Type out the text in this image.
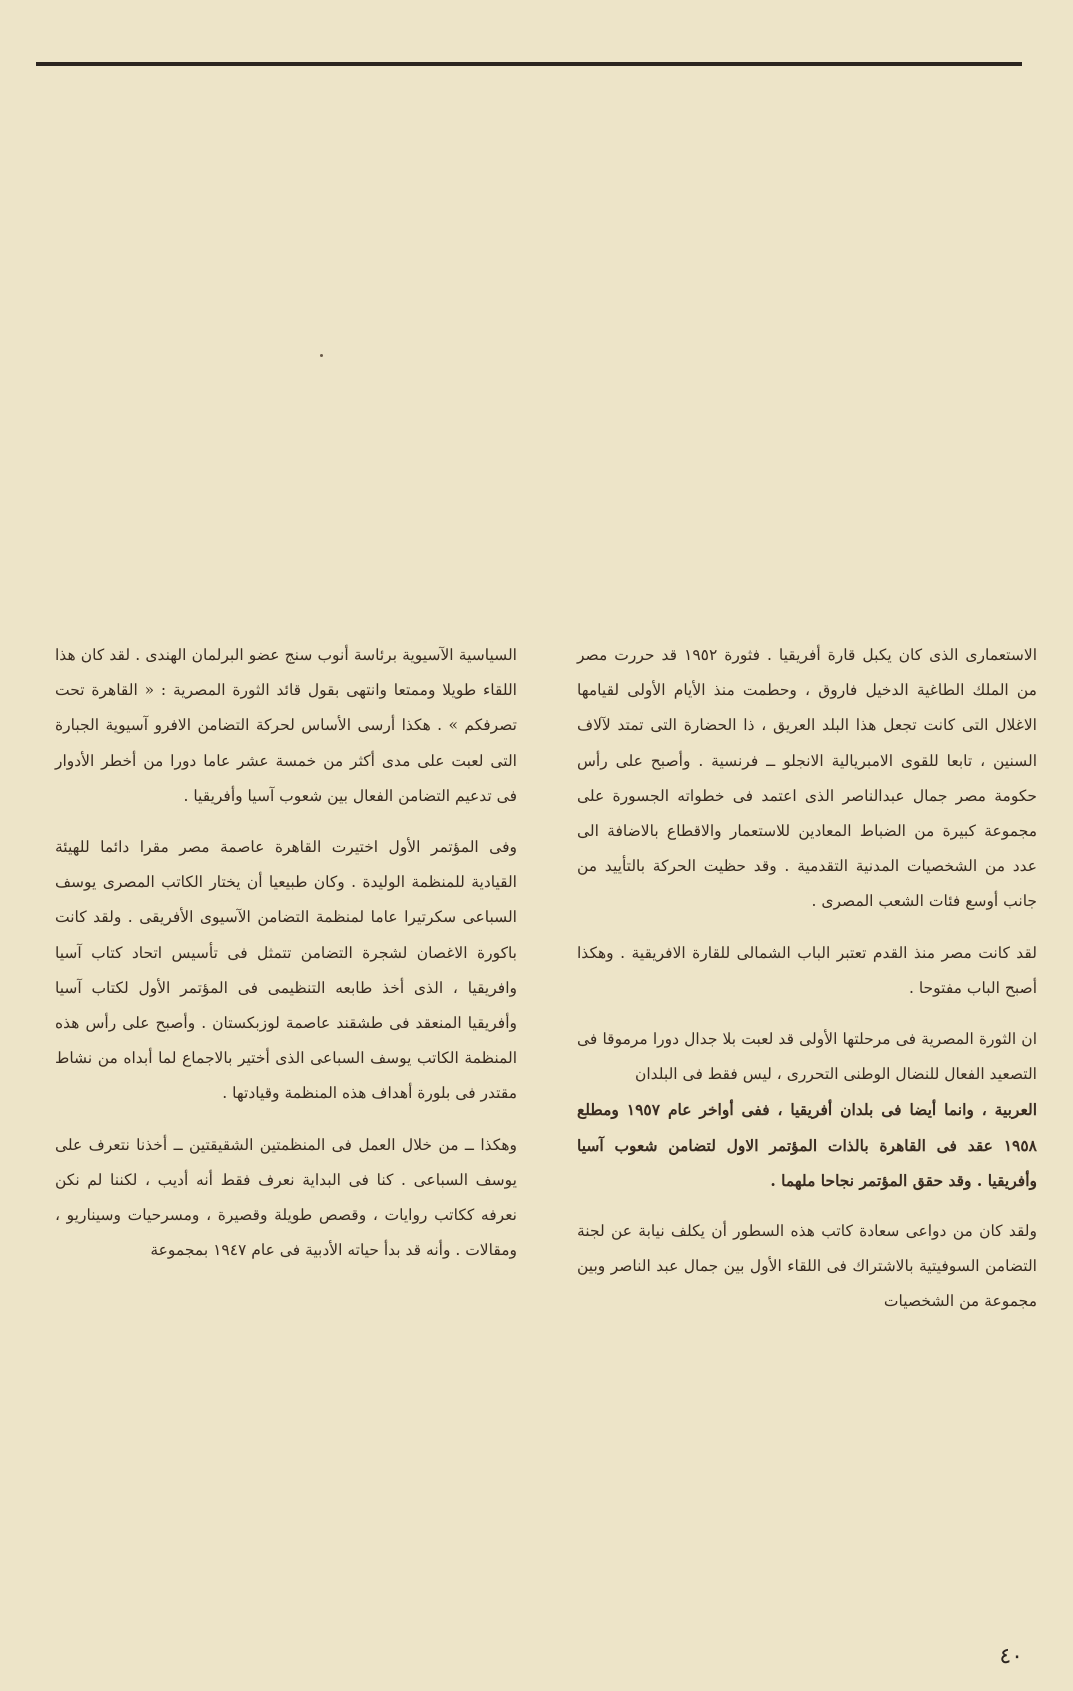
الاستعمارى الذى كان يكبل قارة أفريقيا . فثورة ١٩٥٢ قد حررت مصر من الملك الطاغية الدخيل فاروق ، وحطمت منذ الأيام الأولى لقيامها الاغلال التى كانت تجعل هذا البلد العريق ، ذا الحضارة التى تمتد لآلاف السنين ، تابعا للقوى الامبريالية الانجلو ــ فرنسية . وأصبح على رأس حكومة مصر جمال عبدالناصر الذى اعتمد فى خطواته الجسورة على مجموعة كبيرة من الضباط المعادين للاستعمار والاقطاع بالاضافة الى عدد من الشخصيات المدنية التقدمية . وقد حظيت الحركة بالتأييد من جانب أوسع فئات الشعب المصرى .

لقد كانت مصر منذ القدم تعتبر الباب الشمالى للقارة الافريقية . وهكذا أصبح الباب مفتوحا .

ان الثورة المصرية فى مرحلتها الأولى قد لعبت بلا جدال دورا مرموقا فى التصعيد الفعال للنضال الوطنى التحررى ، ليس فقط فى البلدان

العربية ، وانما أيضا فى بلدان أفريقيا ، ففى أواخر عام ١٩٥٧ ومطلع ١٩٥٨ عقد فى القاهرة بالذات المؤتمر الاول لتضامن شعوب آسيا وأفريقيا . وقد حقق المؤتمر نجاحا ملهما .

ولقد كان من دواعى سعادة كاتب هذه السطور أن يكلف نيابة عن لجنة التضامن السوفيتية بالاشتراك فى اللقاء الأول بين جمال عبد الناصر وبين مجموعة من الشخصيات

السياسية الآسيوية برئاسة أنوب سنج عضو البرلمان الهندى . لقد كان هذا اللقاء طويلا وممتعا وانتهى بقول قائد الثورة المصرية : « القاهرة تحت تصرفكم » . هكذا أرسى الأساس لحركة التضامن الافرو آسيوية الجبارة التى لعبت على مدى أكثر من خمسة عشر عاما دورا من أخطر الأدوار فى تدعيم التضامن الفعال بين شعوب آسيا وأفريقيا .

وفى المؤتمر الأول اختيرت القاهرة عاصمة مصر مقرا دائما للهيئة القيادية للمنظمة الوليدة . وكان طبيعيا أن يختار الكاتب المصرى يوسف السباعى سكرتيرا عاما لمنظمة التضامن الآسيوى الأفريقى . ولقد كانت باكورة الاغصان لشجرة التضامن تتمثل فى تأسيس اتحاد كتاب آسيا وافريقيا ، الذى أخذ طابعه التنظيمى فى المؤتمر الأول لكتاب آسيا وأفريقيا المنعقد فى طشقند عاصمة لوزبكستان . وأصبح على رأس هذه المنظمة الكاتب يوسف السباعى الذى أختير بالاجماع لما أبداه من نشاط مقتدر فى بلورة أهداف هذه المنظمة وقيادتها .

وهكذا ــ من خلال العمل فى المنظمتين الشقيقتين ــ أخذنا نتعرف على يوسف السباعى . كنا فى البداية نعرف فقط أنه أديب ، لكننا لم نكن نعرفه ككاتب روايات ، وقصص طويلة وقصيرة ، ومسرحيات وسيناريو ، ومقالات . وأنه قد بدأ حياته الأدبية فى عام ١٩٤٧ بمجموعة

٤٠
